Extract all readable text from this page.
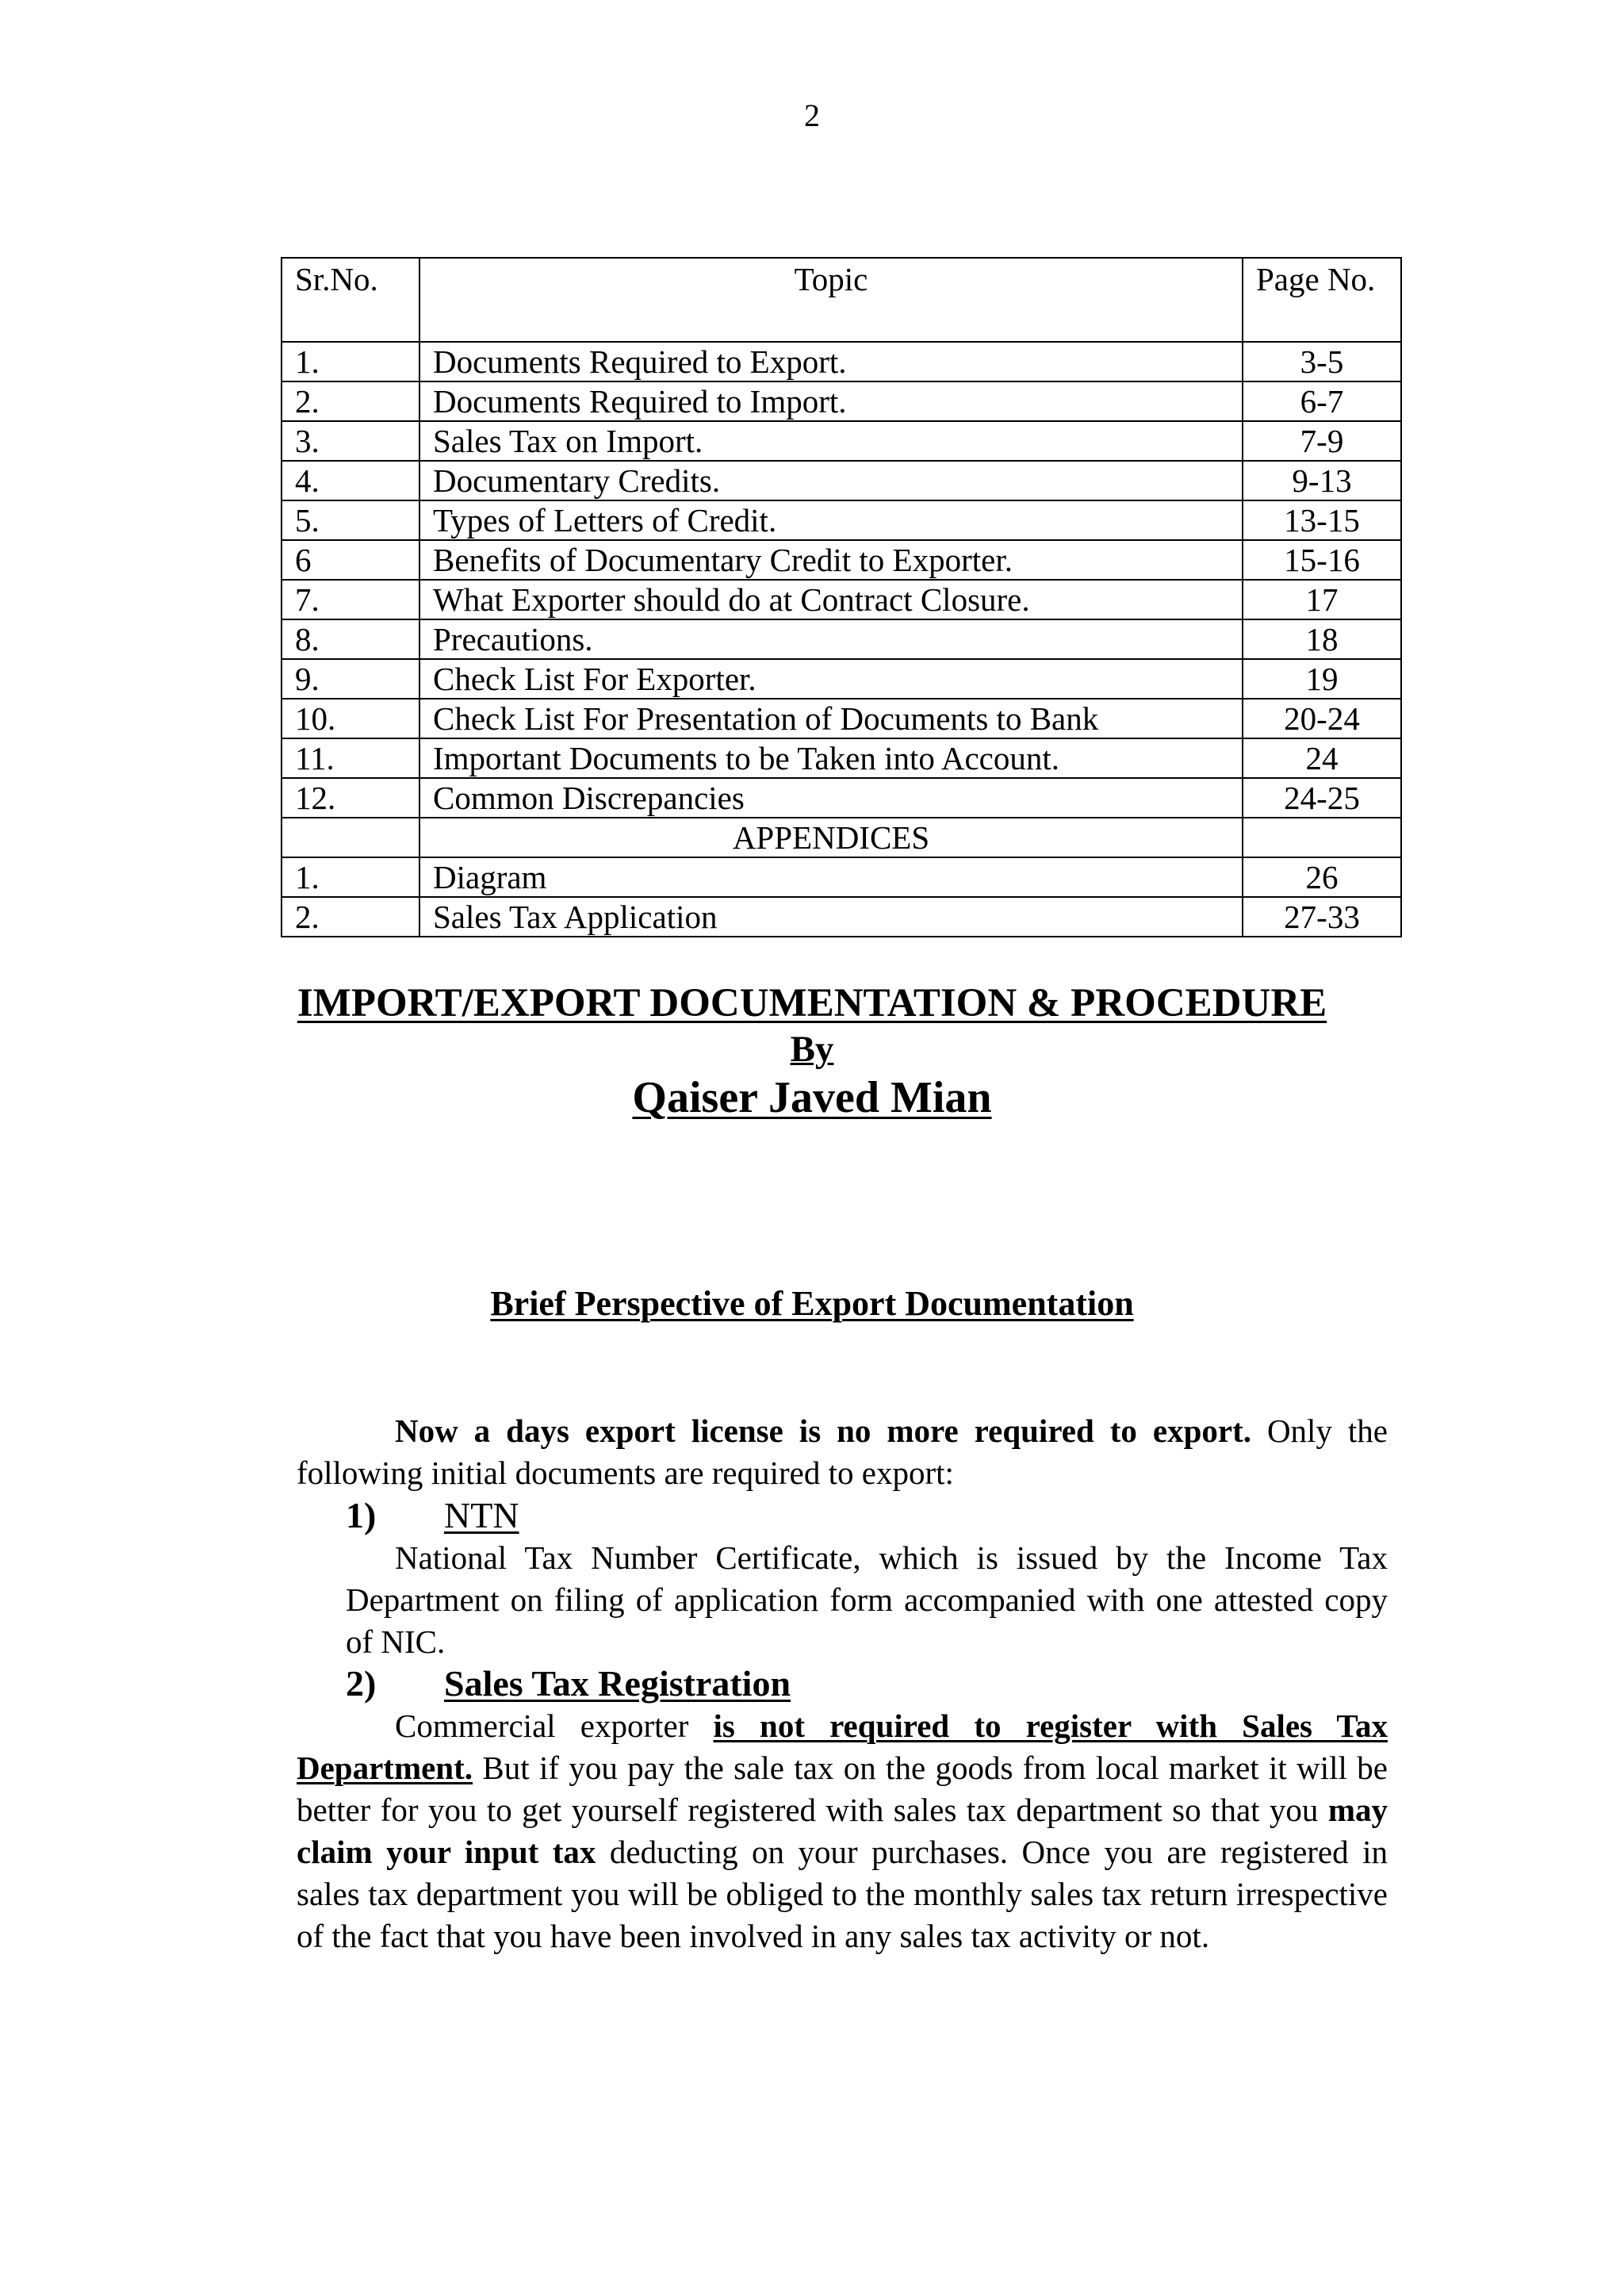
2
Sr.No.	Topic	Page No.
1.	Documents Required to Export.	3-5
2.	Documents Required to Import.	6-7
3.	Sales Tax on Import.	7-9
4.	Documentary Credits.	9-13
5.	Types of Letters of Credit.	13-15
6	Benefits of Documentary Credit to Exporter.	15-16
7.	What Exporter should do at Contract Closure.	17
8.	Precautions.	18
9.	Check List For Exporter.	19
10.	Check List For Presentation of Documents to Bank	20-24
11.	Important Documents to be Taken into Account.	24
12.	Common Discrepancies	24-25
	APPENDICES	
1.	Diagram	26
2.	Sales Tax Application	27-33
IMPORT/EXPORT DOCUMENTATION & PROCEDURE
By
Qaiser Javed Mian
Brief Perspective of Export Documentation

Now a days export license is no more required to export. Only the following initial documents are required to export:

1) NTN

National Tax Number Certificate, which is issued by the Income Tax Department on filing of application form accompanied with one attested copy of NIC.

2) Sales Tax Registration

Commercial exporter is not required to register with Sales Tax Department. But if you pay the sale tax on the goods from local market it will be better for you to get yourself registered with sales tax department so that you may claim your input tax deducting on your purchases. Once you are registered in sales tax department you will be obliged to the monthly sales tax return irrespective of the fact that you have been involved in any sales tax activity or not.
